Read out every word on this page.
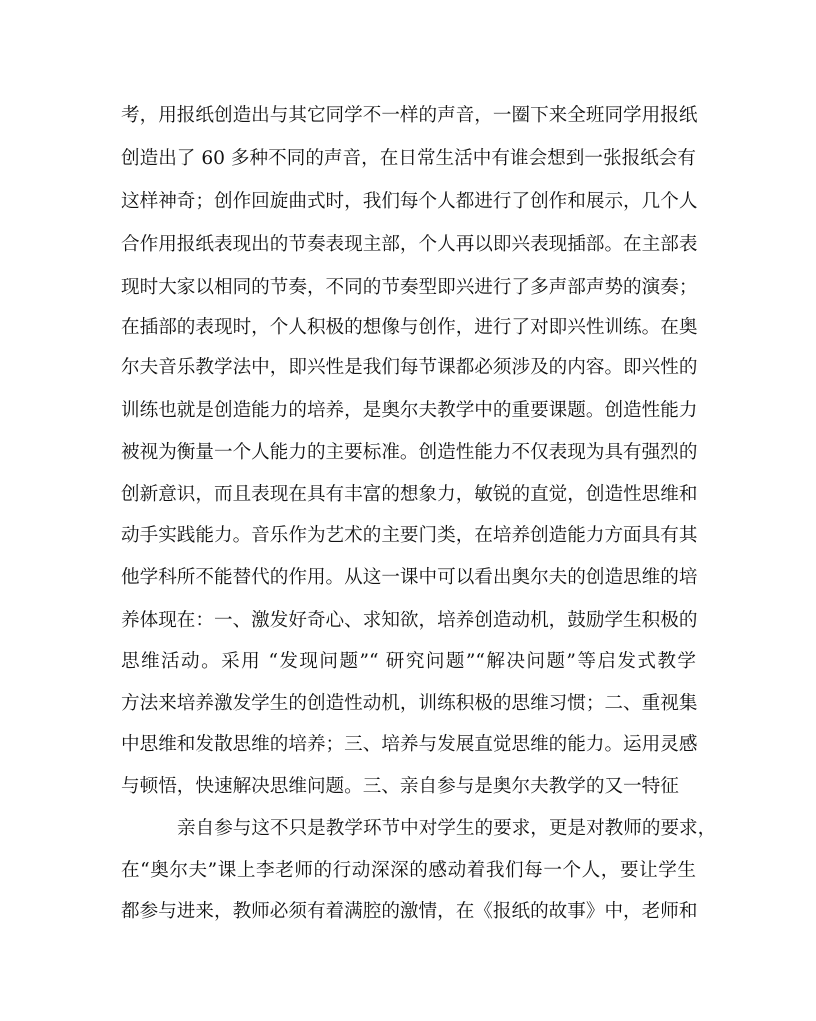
考，用报纸创造出与其它同学不一样的声音，一圈下来全班同学用报纸
创造出了 60 多种不同的声音，在日常生活中有谁会想到一张报纸会有
这样神奇；创作回旋曲式时，我们每个人都进行了创作和展示，几个人
合作用报纸表现出的节奏表现主部，个人再以即兴表现插部。在主部表
现时大家以相同的节奏，不同的节奏型即兴进行了多声部声势的演奏；
在插部的表现时，个人积极的想像与创作，进行了对即兴性训练。在奥
尔夫音乐教学法中，即兴性是我们每节课都必须涉及的内容。即兴性的
训练也就是创造能力的培养，是奥尔夫教学中的重要课题。创造性能力
被视为衡量一个人能力的主要标准。创造性能力不仅表现为具有强烈的
创新意识，而且表现在具有丰富的想象力，敏锐的直觉，创造性思维和
动手实践能力。音乐作为艺术的主要门类，在培养创造能力方面具有其
他学科所不能替代的作用。从这一课中可以看出奥尔夫的创造思维的培
养体现在：一、激发好奇心、求知欲，培养创造动机，鼓励学生积极的
思维活动。采用 “发现问题”“ 研究问题”“解决问题”等启发式教学
方法来培养激发学生的创造性动机，训练积极的思维习惯；二、重视集
中思维和发散思维的培养；三、培养与发展直觉思维的能力。运用灵感
与顿悟，快速解决思维问题。三、亲自参与是奥尔夫教学的又一特征
亲自参与这不只是教学环节中对学生的要求，更是对教师的要求，
在“奥尔夫”课上李老师的行动深深的感动着我们每一个人，要让学生
都参与进来，教师必须有着满腔的激情，在《报纸的故事》中，老师和
